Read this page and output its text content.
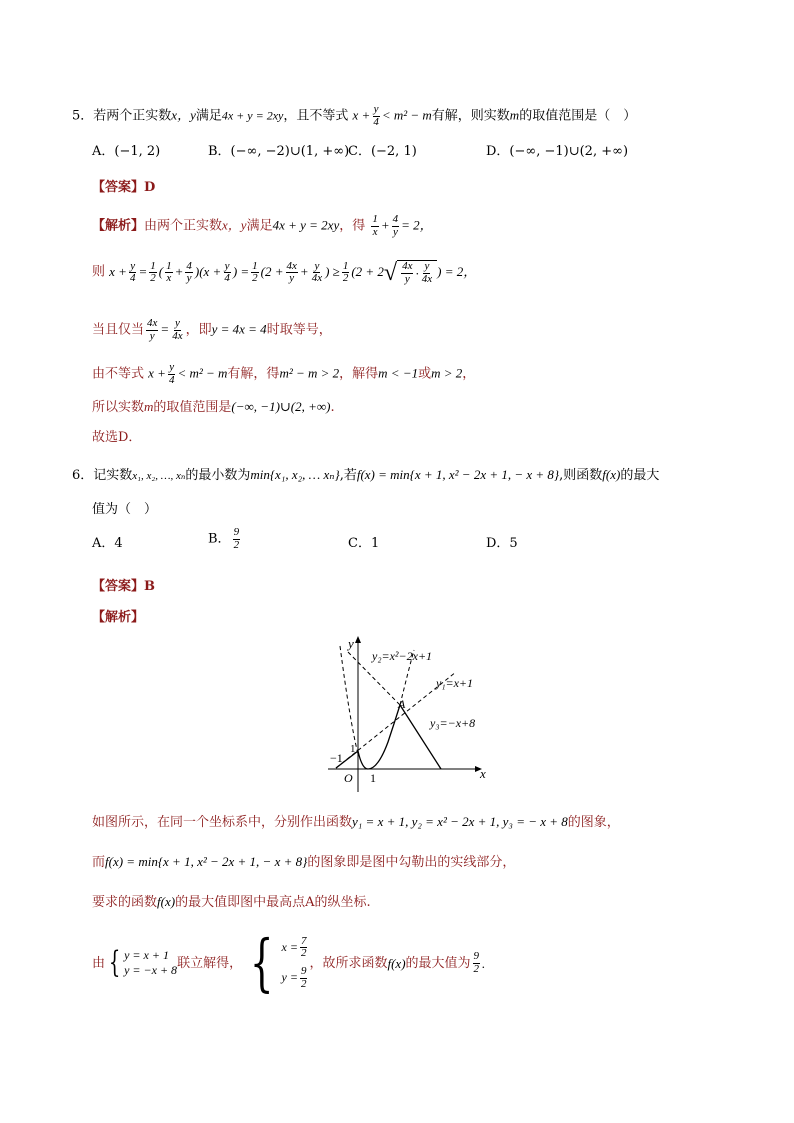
5．若两个正实数x，y满足4x + y = 2xy，且不等式 $x + \frac{y}{4} < m^2 - m$有解，则实数m的取值范围是（　）
A．(−1, 2)	B．(−∞, −2)∪(1, +∞)
C．(−2, 1)	D．(−∞, −1)∪(2, +∞)
【答案】D
【解析】由两个正实数x，y满足4x + y = 2xy，得 $\frac{1}{x} + \frac{4}{y} = 2$，
则 $x + \frac{y}{4} = \frac{1}{2}$ ( $\frac{1}{x} + \frac{4}{y} )(x + \frac{y}{4}$ ) = $\frac{1}{2} (2 + \frac{4x}{y} + \frac{y}{4x}$ ) ≥ $\frac{1}{2} (2 + 2$ √ $\frac{4x}{y} \cdot \frac{y}{4x}$ ) = 2，
当且仅当 $\frac{4x}{y} = \frac{y}{4x}$ ，即y = 4x = 4时取等号，
由不等式 $x + \frac{y}{4} < m^2 - m$有解，得m² − m > 2，解得m < −1或m > 2，
所以实数m的取值范围是(−∞, −1)∪(2, +∞).
故选D．
6．记实数x₁, x₂, …, xₙ的最小数为min{x₁, x₂, … xₙ},若f(x) = min{x + 1, x² − 2x + 1, − x + 8},则函数f(x)的最大
值为（　）
A．4	B． $\frac{9}{2}$	C．1	D．5
【答案】B
【解析】
y
x
O 1
1
−1
A
y₂=x²−2x+1
y₁=x+1
y₃=−x+8
如图所示，在同一个坐标系中，分别作出函数y₁ = x + 1, y₂ = x² − 2x + 1, y₃ = − x + 8的图象，
而f(x) = min{x + 1, x² − 2x + 1, − x + 8}的图象即是图中勾勒出的实线部分，
要求的函数f(x)的最大值即图中最高点A的纵坐标.
由 { y = x + 1
y = −x + 8 联立解得， { $x = \frac{7}{2}$
$y = \frac{9}{2}$
，故所求函数 f(x) 的最大值为 $\frac{9}{2}$ .
